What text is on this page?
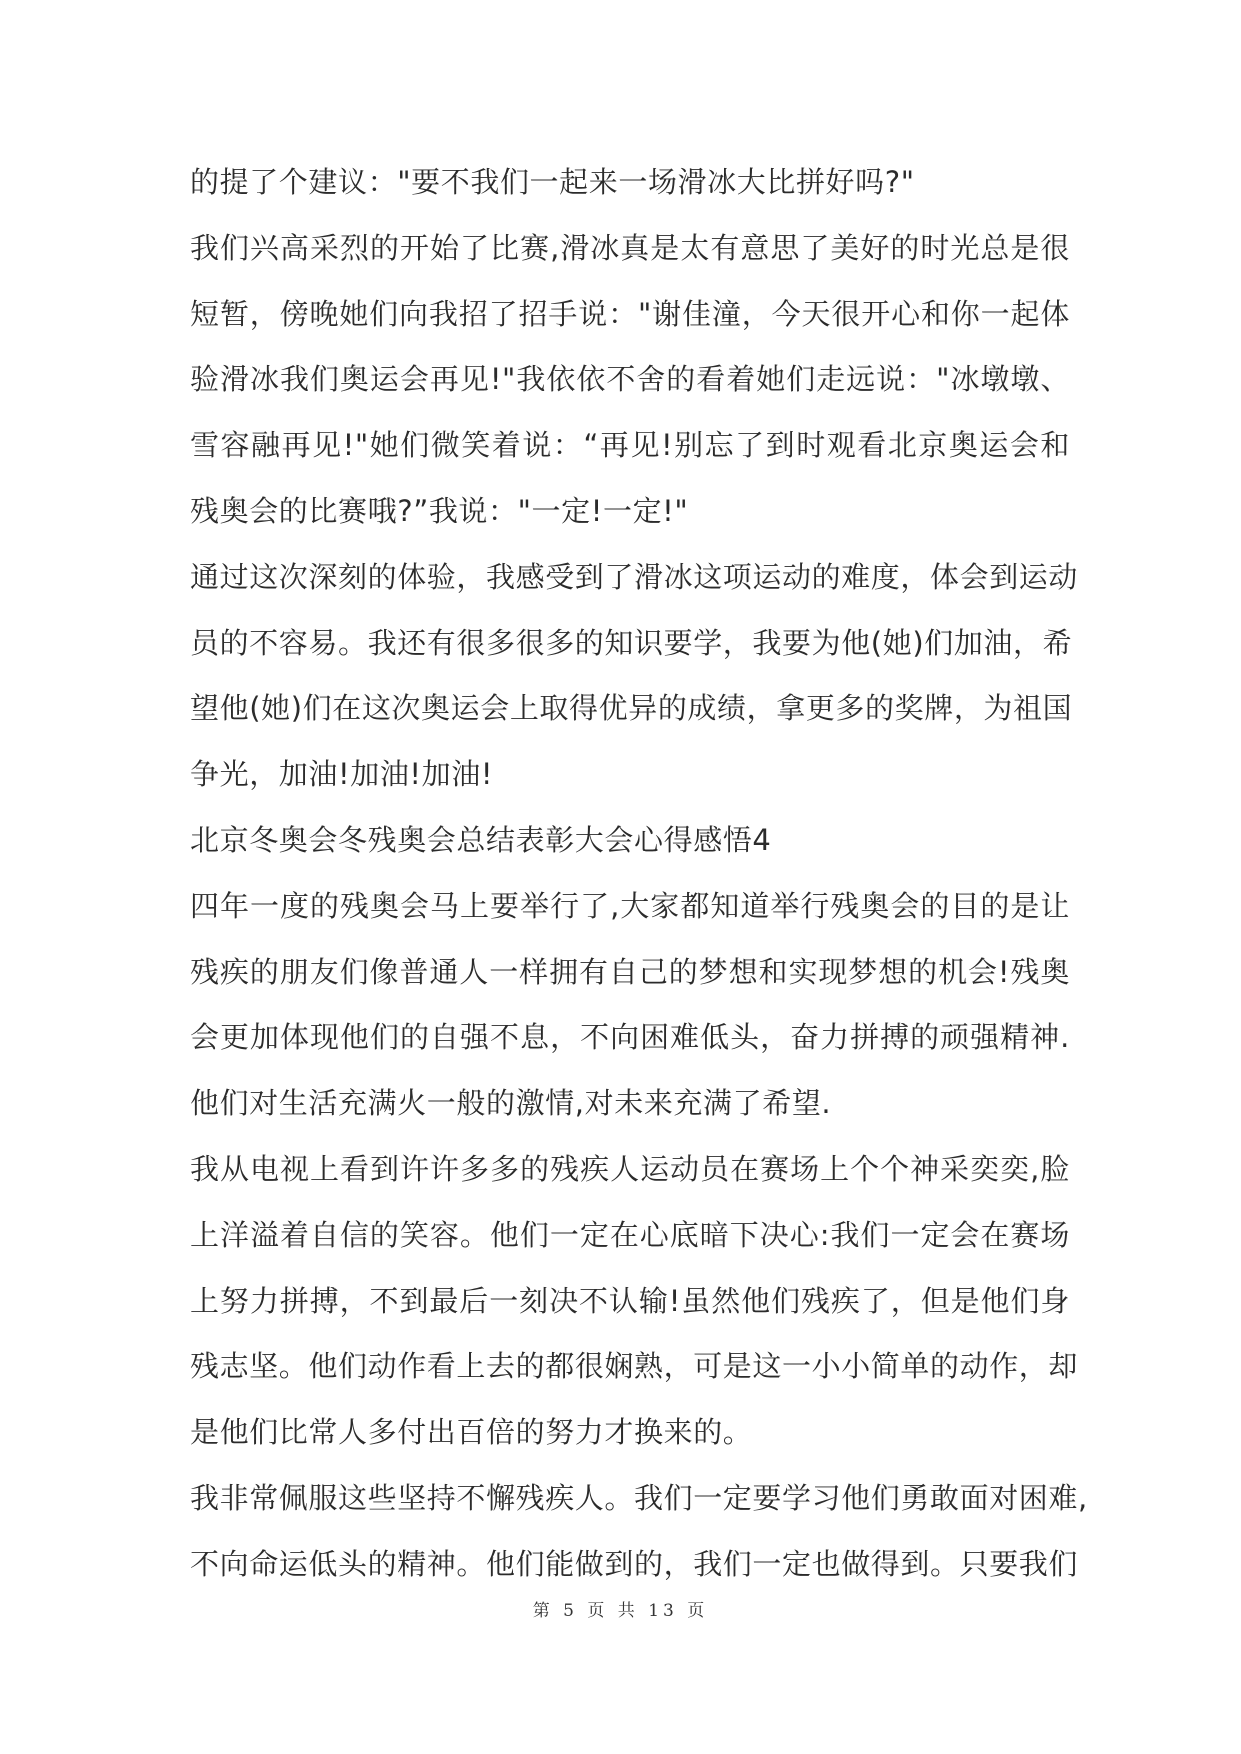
的提了个建议："要不我们一起来一场滑冰大比拼好吗?"
我们兴高采烈的开始了比赛,滑冰真是太有意思了美好的时光总是很
短暂，傍晚她们向我招了招手说："谢佳潼，今天很开心和你一起体
验滑冰我们奥运会再见!"我依依不舍的看着她们走远说："冰墩墩、
雪容融再见!"她们微笑着说：“再见!别忘了到时观看北京奥运会和
残奥会的比赛哦?”我说："一定!一定!"
通过这次深刻的体验，我感受到了滑冰这项运动的难度，体会到运动
员的不容易。我还有很多很多的知识要学，我要为他(她)们加油，希
望他(她)们在这次奥运会上取得优异的成绩，拿更多的奖牌，为祖国
争光，加油!加油!加油!
北京冬奥会冬残奥会总结表彰大会心得感悟4
四年一度的残奥会马上要举行了,大家都知道举行残奥会的目的是让
残疾的朋友们像普通人一样拥有自己的梦想和实现梦想的机会!残奥
会更加体现他们的自强不息，不向困难低头，奋力拼搏的顽强精神.
他们对生活充满火一般的激情,对未来充满了希望.
我从电视上看到许许多多的残疾人运动员在赛场上个个神采奕奕,脸
上洋溢着自信的笑容。他们一定在心底暗下决心:我们一定会在赛场
上努力拼搏，不到最后一刻决不认输!虽然他们残疾了，但是他们身
残志坚。他们动作看上去的都很娴熟，可是这一小小简单的动作，却
是他们比常人多付出百倍的努力才换来的。
我非常佩服这些坚持不懈残疾人。我们一定要学习他们勇敢面对困难,
不向命运低头的精神。他们能做到的，我们一定也做得到。只要我们
第 5 页 共 13 页
